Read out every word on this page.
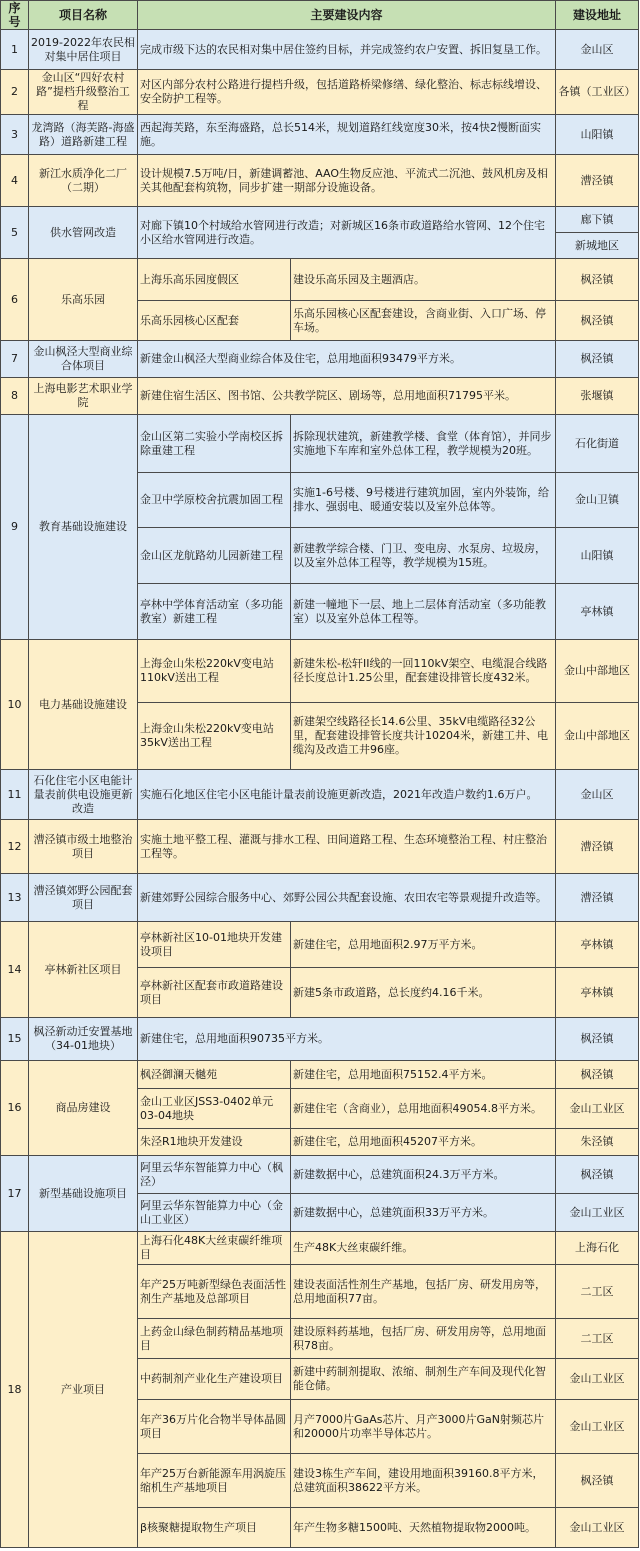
序号	项目名称	主要建设内容		建设地址
1	2019-2022年农民相对集中居住项目	完成市级下达的农民相对集中居住签约目标，并完成签约农户安置、拆旧复垦工作。		金山区
2	金山区“四好农村路”提档升级整治工程	对区内部分农村公路进行提档升级，包括道路桥梁修缮、绿化整治、标志标线增设、安全防护工程等。		各镇（工业区）
3	龙湾路（海芙路-海盛路）道路新建工程	西起海芙路，东至海盛路，总长514米，规划道路红线宽度30米，按4快2慢断面实施。		山阳镇
4	新江水质净化二厂（二期）	设计规模7.5万吨/日，新建调蓄池、AAO生物反应池、平流式二沉池、鼓风机房及相关其他配套构筑物，同步扩建一期部分设施设备。		漕泾镇
5	供水管网改造	对廊下镇10个村域给水管网进行改造；对新城区16条市政道路给水管网、12个住宅小区给水管网进行改造。		廊下镇
				新城地区
6	乐高乐园	上海乐高乐园度假区	建设乐高乐园及主题酒店。	枫泾镇
		乐高乐园核心区配套	乐高乐园核心区配套建设，含商业街、入口广场、停车场。	枫泾镇
7	金山枫泾大型商业综合体项目	新建金山枫泾大型商业综合体及住宅，总用地面积93479平方米。		枫泾镇
8	上海电影艺术职业学院	新建住宿生活区、图书馆、公共教学院区、剧场等，总用地面积71795平米。		张堰镇
9	教育基础设施建设	金山区第二实验小学南校区拆除重建工程	拆除现状建筑，新建教学楼、食堂（体育馆），并同步实施地下车库和室外总体工程，教学规模为20班。	石化街道
		金卫中学原校舍抗震加固工程	实施1-6号楼、9号楼进行建筑加固，室内外装饰，给排水、强弱电、暖通安装以及室外总体等。	金山卫镇
		金山区龙航路幼儿园新建工程	新建教学综合楼、门卫、变电房、水泵房、垃圾房，以及室外总体工程等，教学规模为15班。	山阳镇
		亭林中学体育活动室（多功能教室）新建工程	新建一幢地下一层、地上二层体育活动室（多功能教室）以及室外总体工程等。	亭林镇
10	电力基础设施建设	上海金山朱松220kV变电站110kV送出工程	新建朱松-松轩II线的一回110kV架空、电缆混合线路径长度总计1.25公里，配套建设排管长度432米。	金山中部地区
		上海金山朱松220kV变电站35kV送出工程	新建架空线路径长14.6公里、35kV电缆路径32公里，配套建设排管长度共计10204米，新建工井、电缆沟及改造工井96座。	金山中部地区
11	石化住宅小区电能计量表前供电设施更新改造	实施石化地区住宅小区电能计量表前设施更新改造，2021年改造户数约1.6万户。		金山区
12	漕泾镇市级土地整治项目	实施土地平整工程、灌溉与排水工程、田间道路工程、生态环境整治工程、村庄整治工程等。		漕泾镇
13	漕泾镇郊野公园配套项目	新建郊野公园综合服务中心、郊野公园公共配套设施、农田农宅等景观提升改造等。		漕泾镇
14	亭林新社区项目	亭林新社区10-01地块开发建设项目	新建住宅，总用地面积2.97万平方米。	亭林镇
		亭林新社区配套市政道路建设项目	新建5条市政道路，总长度约4.16千米。	亭林镇
15	枫泾新动迁安置基地（34-01地块）	新建住宅，总用地面积90735平方米。		枫泾镇
16	商品房建设	枫泾御澜天樾苑	新建住宅，总用地面积75152.4平方米。	枫泾镇
		金山工业区JSS3-0402单元03-04地块	新建住宅（含商业），总用地面积49054.8平方米。	金山工业区
		朱泾R1地块开发建设	新建住宅，总用地面积45207平方米。	朱泾镇
17	新型基础设施项目	阿里云华东智能算力中心（枫泾）	新建数据中心，总建筑面积24.3万平方米。	枫泾镇
		阿里云华东智能算力中心（金山工业区）	新建数据中心，总建筑面积33万平方米。	金山工业区
18	产业项目	上海石化48K大丝束碳纤维项目	生产48K大丝束碳纤维。	上海石化
		年产25万吨新型绿色表面活性剂生产基地及总部项目	建设表面活性剂生产基地，包括厂房、研发用房等，总用地面积77亩。	二工区
		上药金山绿色制药精品基地项目	建设原料药基地，包括厂房、研发用房等，总用地面积78亩。	二工区
		中药制剂产业化生产建设项目	新建中药制剂提取、浓缩、制剂生产车间及现代化智能仓储。	金山工业区
		年产36万片化合物半导体晶圆项目	月产7000片GaAs芯片、月产3000片GaN射频芯片和20000片功率半导体芯片。	金山工业区
		年产25万台新能源车用涡旋压缩机生产基地项目	建设3栋生产车间，建设用地面积39160.8平方米，总建筑面积38622平方米。	枫泾镇
		β核聚糖提取物生产项目	年产生物多糖1500吨、天然植物提取物2000吨。	金山工业区
